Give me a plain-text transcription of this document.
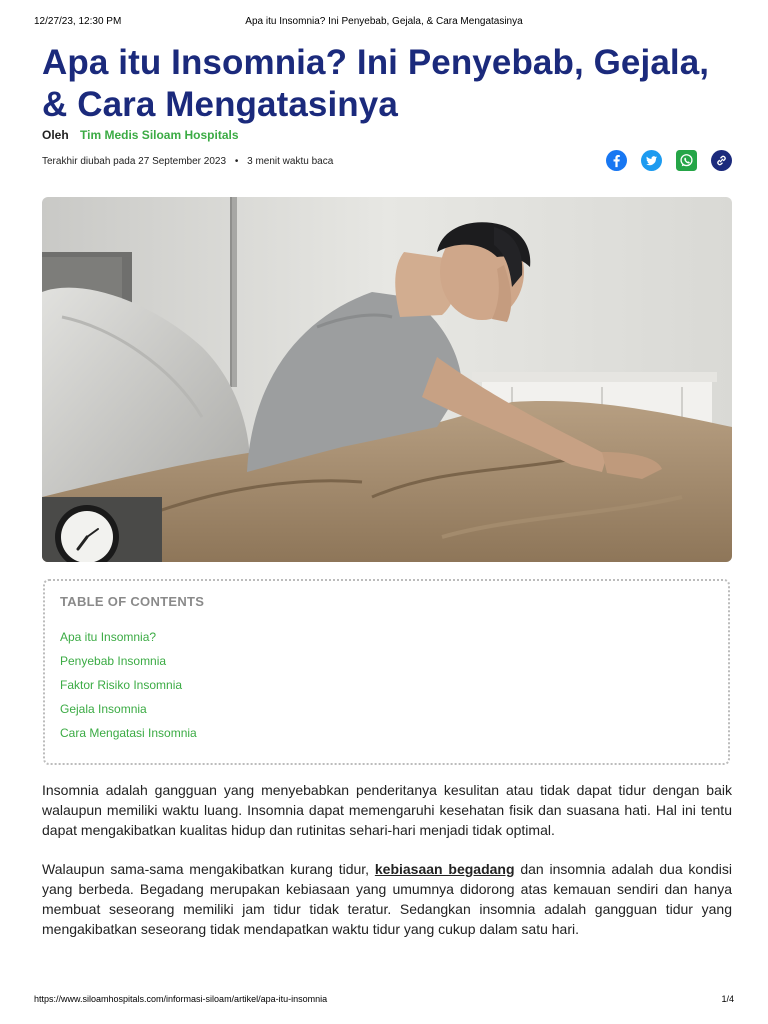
12/27/23, 12:30 PM	Apa itu Insomnia? Ini Penyebab, Gejala, & Cara Mengatasinya
Apa itu Insomnia? Ini Penyebab, Gejala, & Cara Mengatasinya
Oleh Tim Medis Siloam Hospitals
Terakhir diubah pada 27 September 2023 • 3 menit waktu baca
TABLE OF CONTENTS
Apa itu Insomnia?
Penyebab Insomnia
Faktor Risiko Insomnia
Gejala Insomnia
Cara Mengatasi Insomnia

Insomnia adalah gangguan yang menyebabkan penderitanya kesulitan atau tidak dapat tidur dengan baik walaupun memiliki waktu luang. Insomnia dapat memengaruhi kesehatan fisik dan suasana hati. Hal ini tentu dapat mengakibatkan kualitas hidup dan rutinitas sehari-hari menjadi tidak optimal.

Walaupun sama-sama mengakibatkan kurang tidur, kebiasaan begadang dan insomnia adalah dua kondisi yang berbeda. Begadang merupakan kebiasaan yang umumnya didorong atas kemauan sendiri dan hanya membuat seseorang memiliki jam tidur tidak teratur. Sedangkan insomnia adalah gangguan tidur yang mengakibatkan seseorang tidak mendapatkan waktu tidur yang cukup dalam satu hari.

https://www.siloamhospitals.com/informasi-siloam/artikel/apa-itu-insomnia	1/4
